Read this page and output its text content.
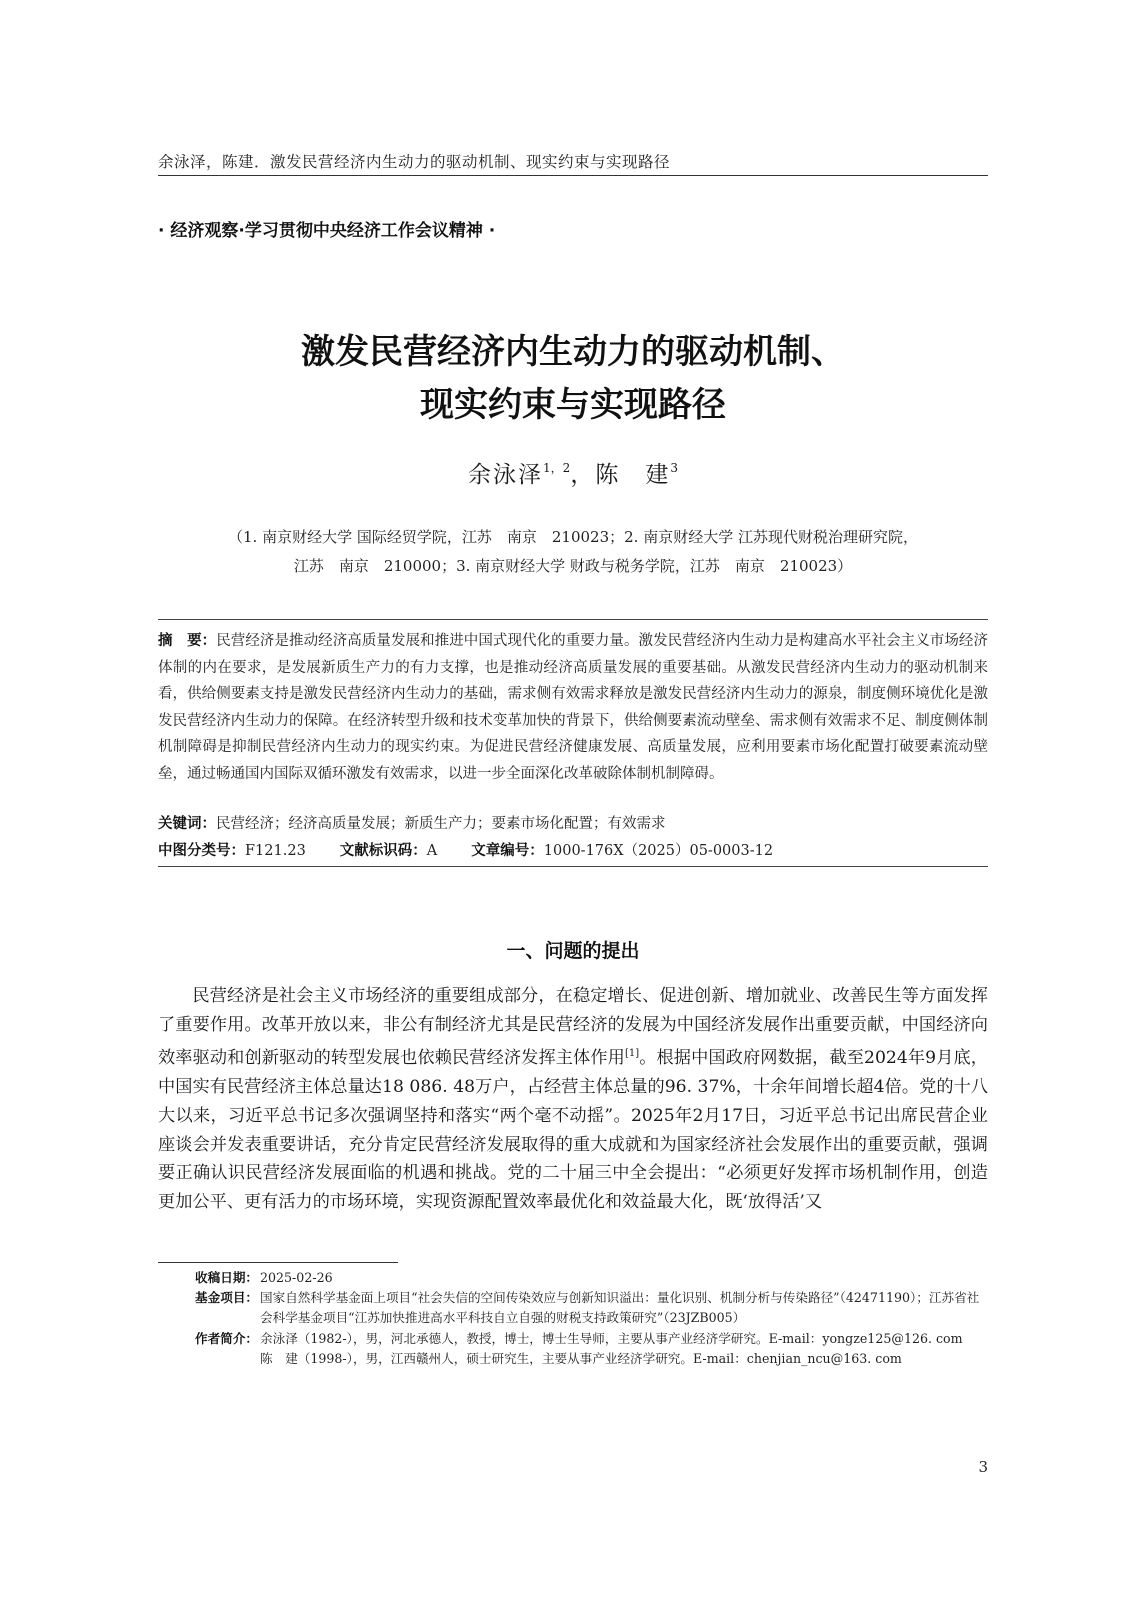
余泳泽，陈建．激发民营经济内生动力的驱动机制、现实约束与实现路径
· 经济观察·学习贯彻中央经济工作会议精神 ·
激发民营经济内生动力的驱动机制、
现实约束与实现路径
余泳泽$^{1,2}$，陈　建$^3$
（1. 南京财经大学 国际经贸学院，江苏　南京　210023；2. 南京财经大学 江苏现代财税治理研究院，
江苏　南京　210000；3. 南京财经大学 财政与税务学院，江苏　南京　210023）
摘　要：民营经济是推动经济高质量发展和推进中国式现代化的重要力量。激发民营经济内生动力是构建高水平社会主义市场经济体制的内在要求，是发展新质生产力的有力支撑，也是推动经济高质量发展的重要基础。从激发民营经济内生动力的驱动机制来看，供给侧要素支持是激发民营经济内生动力的基础，需求侧有效需求释放是激发民营经济内生动力的源泉，制度侧环境优化是激发民营经济内生动力的保障。在经济转型升级和技术变革加快的背景下，供给侧要素流动壁垒、需求侧有效需求不足、制度侧体制机制障碍是抑制民营经济内生动力的现实约束。为促进民营经济健康发展、高质量发展，应利用要素市场化配置打破要素流动壁垒，通过畅通国内国际双循环激发有效需求，以进一步全面深化改革破除体制机制障碍。
关键词：民营经济；经济高质量发展；新质生产力；要素市场化配置；有效需求
中图分类号：F121.23 文献标识码：A 文章编号：1000-176X（2025）05-0003-12
一、问题的提出
民营经济是社会主义市场经济的重要组成部分，在稳定增长、促进创新、增加就业、改善民生等方面发挥了重要作用。改革开放以来，非公有制经济尤其是民营经济的发展为中国经济发展作出重要贡献，中国经济向效率驱动和创新驱动的转型发展也依赖民营经济发挥主体作用[1]。根据中国政府网数据，截至2024年9月底，中国实有民营经济主体总量达18 086. 48万户，占经营主体总量的96. 37%，十余年间增长超4倍。党的十八大以来，习近平总书记多次强调坚持和落实“两个毫不动摇”。2025年2月17日，习近平总书记出席民营企业座谈会并发表重要讲话，充分肯定民营经济发展取得的重大成就和为国家经济社会发展作出的重要贡献，强调要正确认识民营经济发展面临的机遇和挑战。党的二十届三中全会提出：“必须更好发挥市场机制作用，创造更加公平、更有活力的市场环境，实现资源配置效率最优化和效益最大化，既‘放得活’又
收稿日期： 2025-02-26
基金项目： 国家自然科学基金面上项目“社会失信的空间传染效应与创新知识溢出：量化识别、机制分析与传染路径”（42471190）；江苏省社会科学基金项目“江苏加快推进高水平科技自立自强的财税支持政策研究”（23JZB005）
作者简介： 余泳泽（1982-），男，河北承德人，教授，博士，博士生导师，主要从事产业经济学研究。E-mail：yongze125@126. com
陈　建（1998-），男，江西赣州人，硕士研究生，主要从事产业经济学研究。E-mail：chenjian_ncu@163. com
3
